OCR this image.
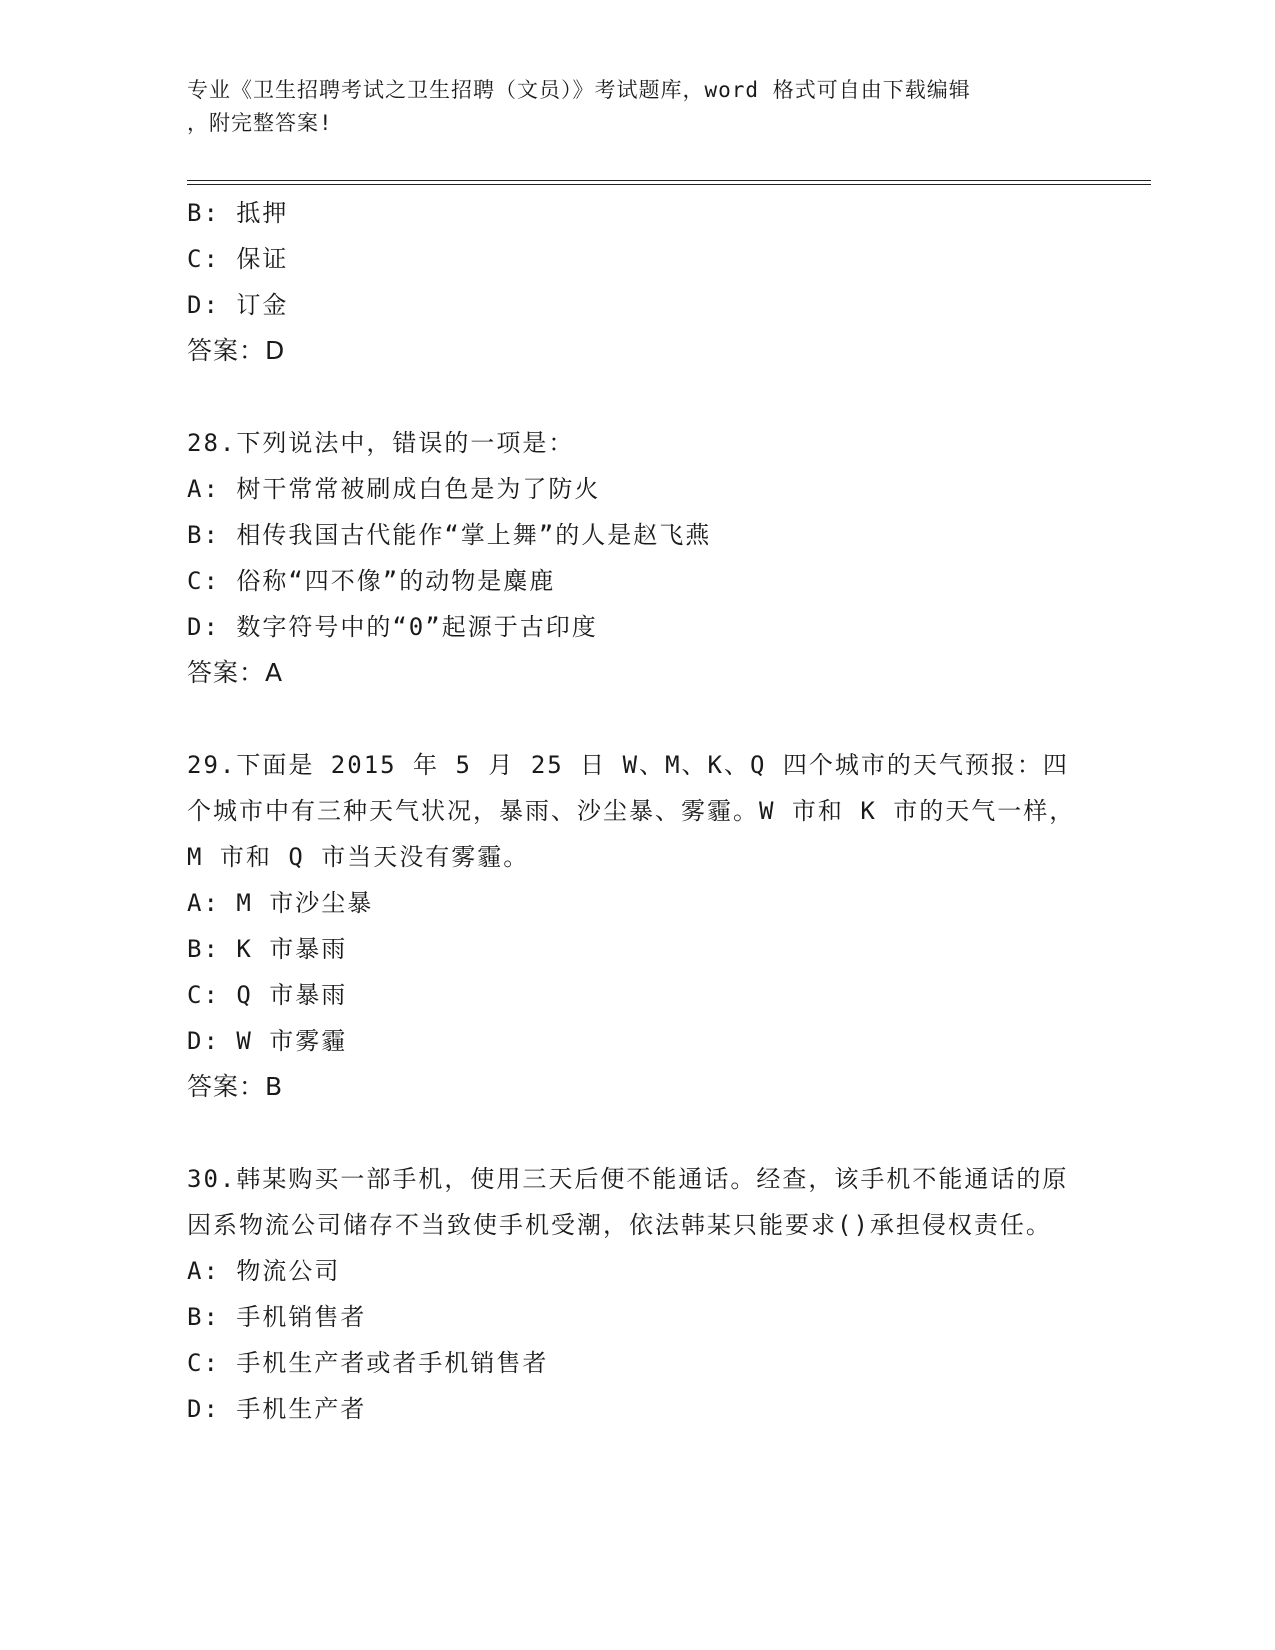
专业《卫生招聘考试之卫生招聘（文员）》考试题库，word 格式可自由下载编辑
，附完整答案!
B: 抵押
C: 保证
D: 订金
答案：D
28.下列说法中，错误的一项是：
A: 树干常常被刷成白色是为了防火
B: 相传我国古代能作“掌上舞”的人是赵飞燕
C: 俗称“四不像”的动物是麋鹿
D: 数字符号中的“0”起源于古印度
答案：A
29.下面是 2015 年 5 月 25 日 W、M、K、Q 四个城市的天气预报：四个城市中有三种天气状况，暴雨、沙尘暴、雾霾。W 市和 K 市的天气一样，M 市和 Q 市当天没有雾霾。
A: M 市沙尘暴
B: K 市暴雨
C: Q 市暴雨
D: W 市雾霾
答案：B
30.韩某购买一部手机，使用三天后便不能通话。经查，该手机不能通话的原因系物流公司储存不当致使手机受潮，依法韩某只能要求()承担侵权责任。
A: 物流公司
B: 手机销售者
C: 手机生产者或者手机销售者
D: 手机生产者
